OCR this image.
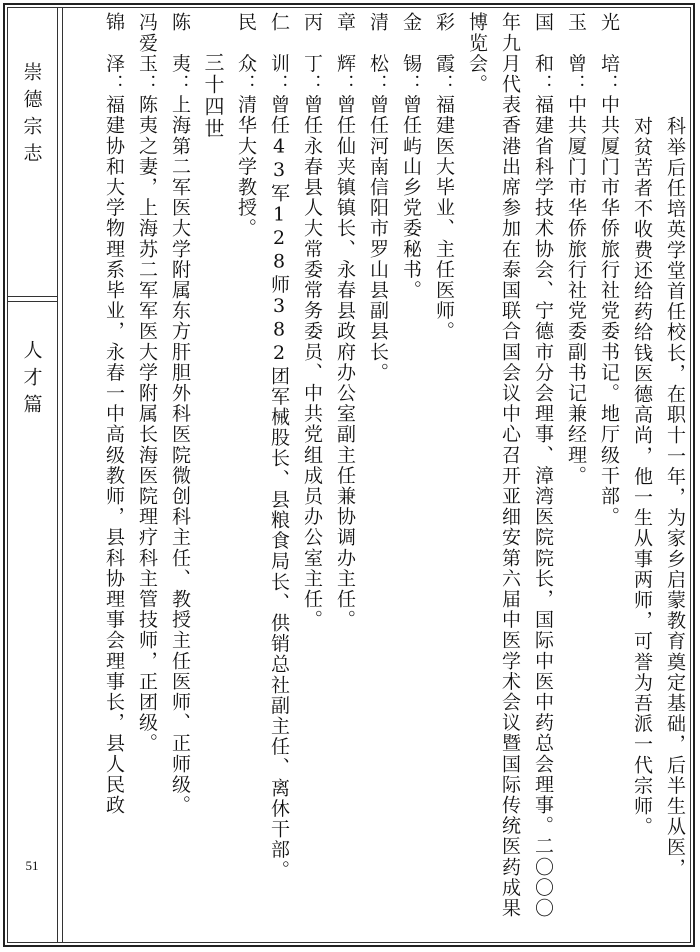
崇德宗志
人才篇
51	科举后任培英学堂首任校长，在职十一年，为家乡启蒙教育奠定基础，后半生从医，

对贫苦者不收费还给药给钱医德高尚，他一生从事两师，可誉为吾派一代宗师。

光　培：中共厦门市华侨旅行社党委书记。地厅级干部。

玉　曾：中共厦门市华侨旅行社党委副书记兼经理。

国　和：福建省科学技术协会、宁德市分会理事、漳湾医院院长，国际中医中药总会理事。二〇〇〇年九月代表香港出席参加在泰国联合国会议中心召开亚细安第六届中医学术会议暨国际传统医药成果博览会。

彩　霞：福建医大毕业、主任医师。

金　锡：曾任屿山乡党委秘书。

清　松：曾任河南信阳市罗山县副县长。

章　辉：曾任仙夹镇镇长、永春县政府办公室副主任兼协调办主任。

丙　丁：曾任永春县人大常委常务委员、中共党组成员办公室主任。

仁　训：曾任43军128师382团军械股长、县粮食局长、供销总社副主任、离休干部。

民　众：清华大学教授。

三十四世

陈　夷：上海第二军医大学附属东方肝胆外科医院微创科主任、教授主任医师、正师级。

冯爱玉：陈夷之妻，上海苏二军军医大学附属长海医院理疗科主管技师，正团级。

锦　泽：福建协和大学物理系毕业，永春一中高级教师，县科协理事会理事长，县人民政
